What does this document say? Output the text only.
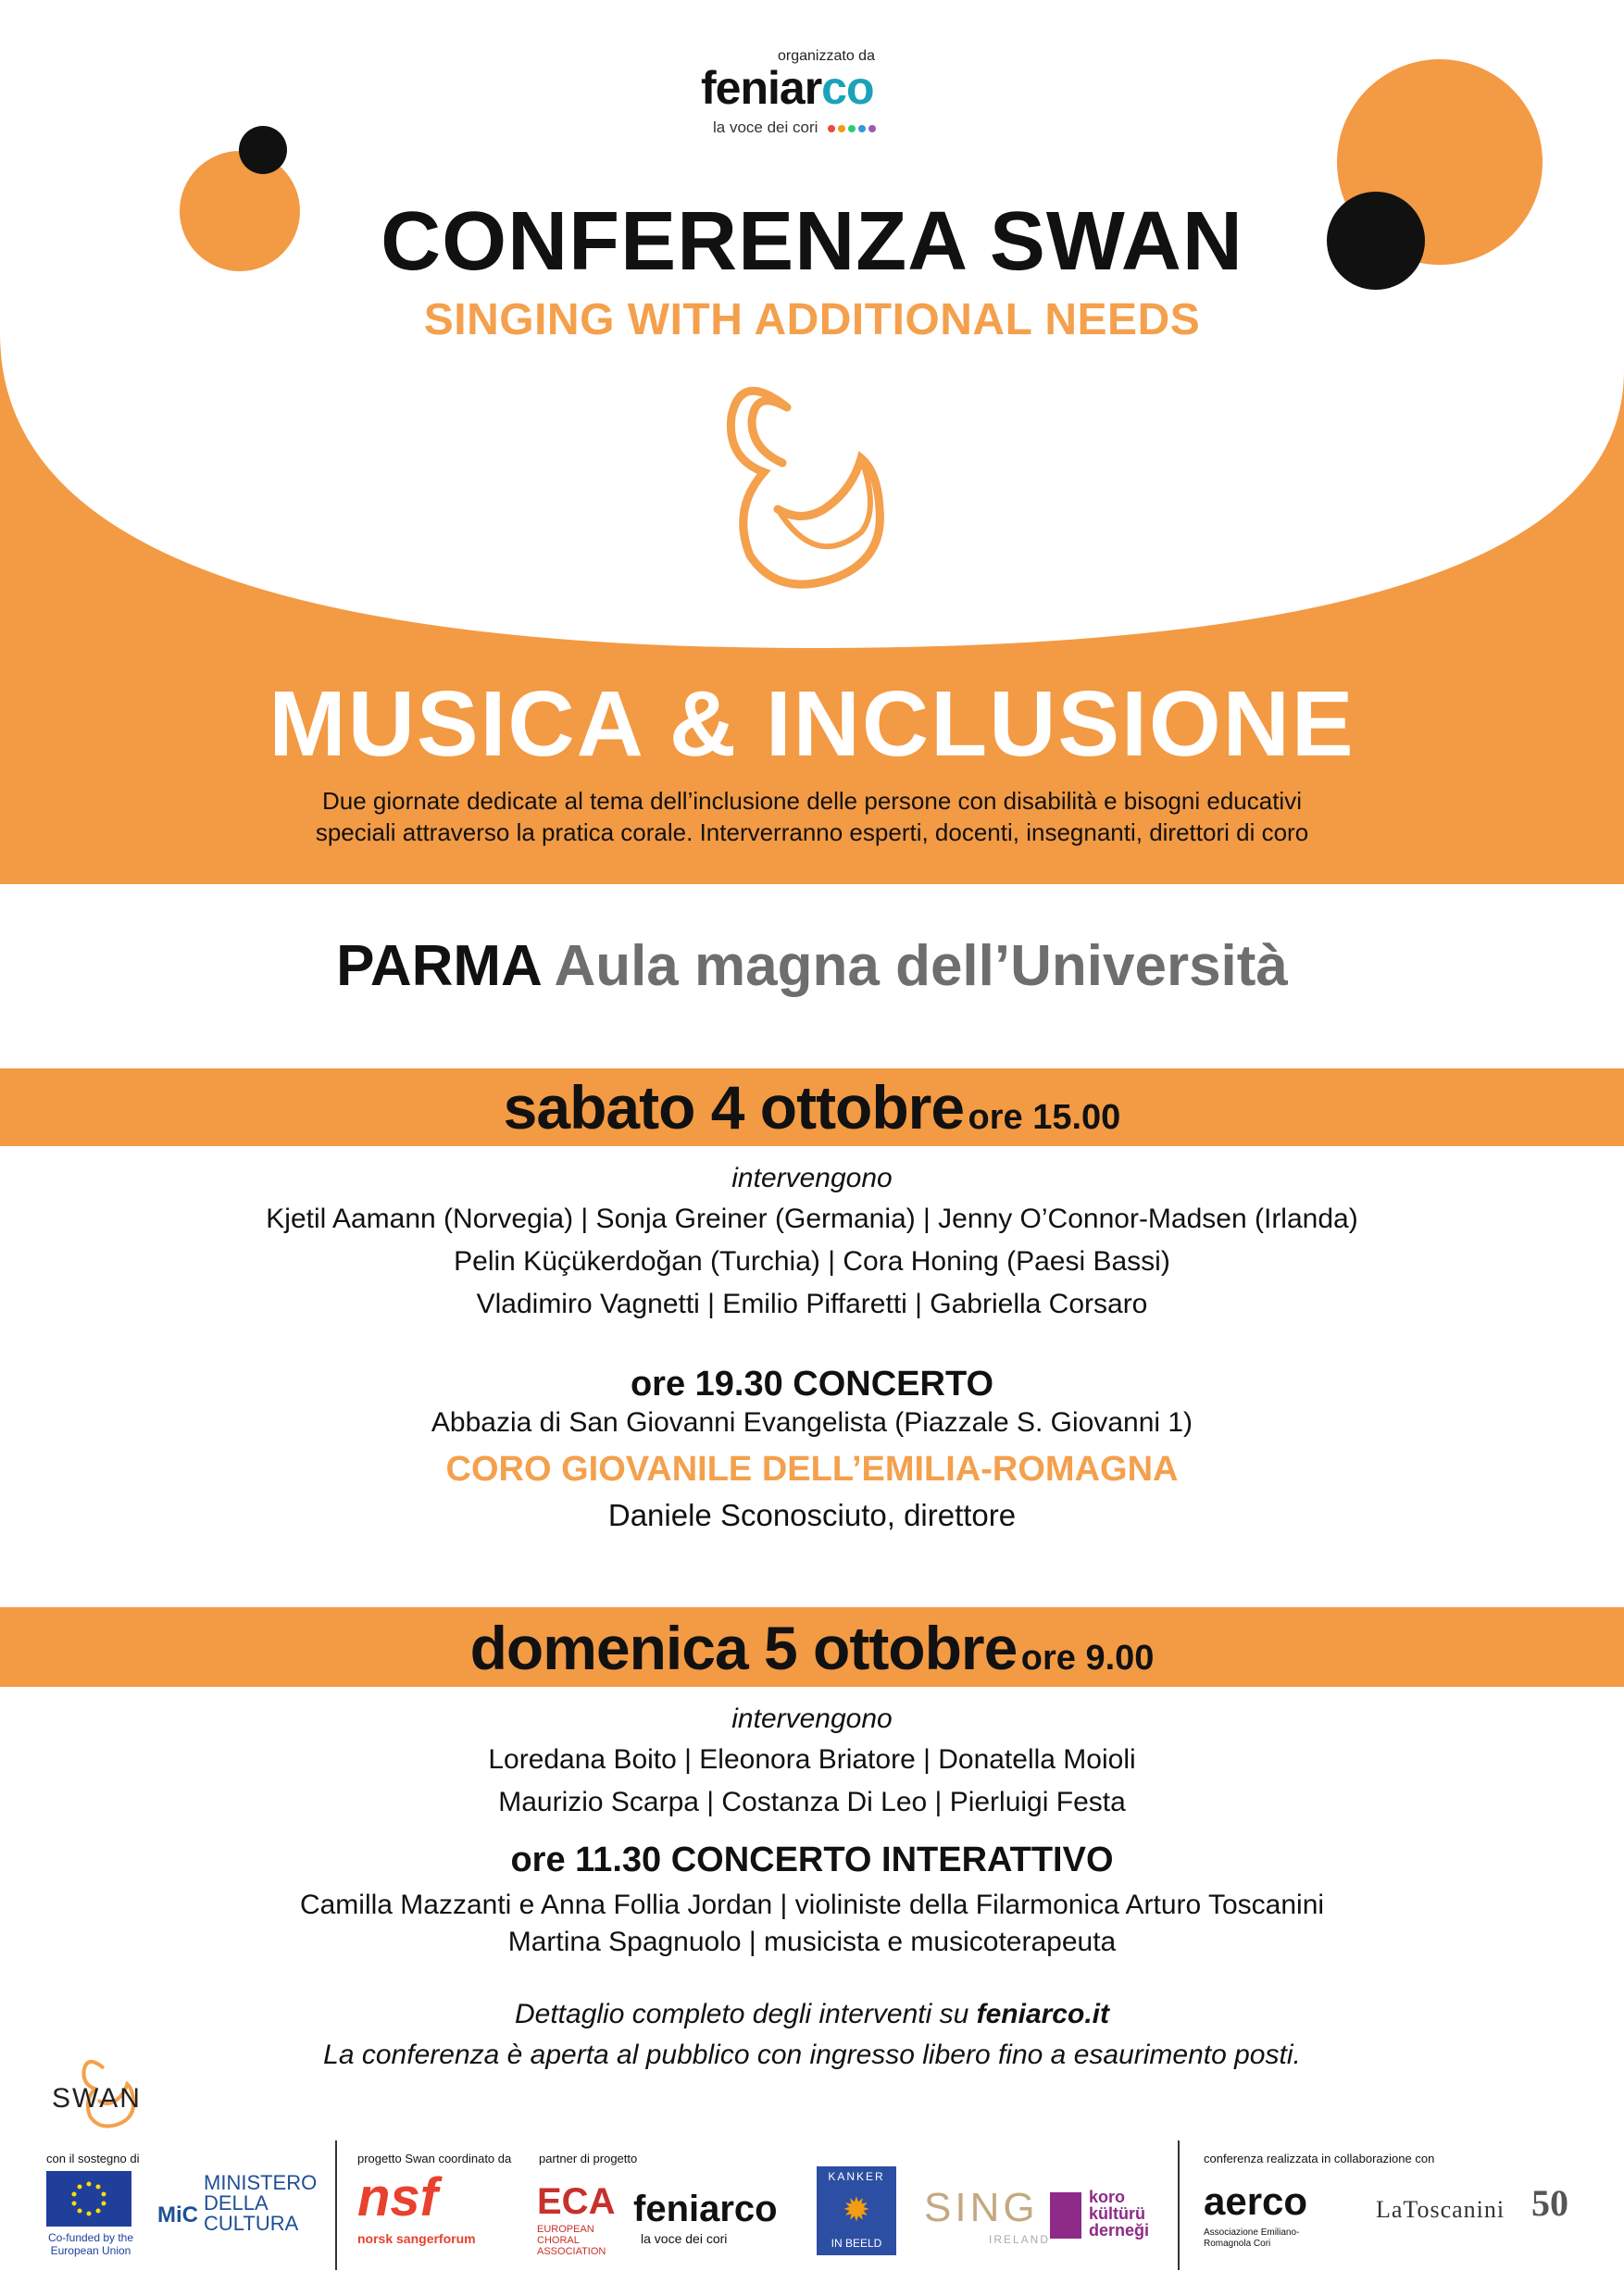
organizzato da
feniarco
la voce dei cori
CONFERENZA SWAN
SINGING WITH ADDITIONAL NEEDS
MUSICA & INCLUSIONE
Due giornate dedicate al tema dell’inclusione delle persone con disabilità e bisogni educativi
speciali attraverso la pratica corale. Interverranno esperti, docenti, insegnanti, direttori di coro
PARMA Aula magna dell’Università
sabato 4 ottobre ore 15.00
intervengono
Kjetil Aamann (Norvegia) | Sonja Greiner (Germania) | Jenny O’Connor-Madsen (Irlanda)
Pelin Küçükerdoğan (Turchia) | Cora Honing (Paesi Bassi)
Vladimiro Vagnetti | Emilio Piffaretti | Gabriella Corsaro
ore 19.30 CONCERTO
Abbazia di San Giovanni Evangelista (Piazzale S. Giovanni 1)
CORO GIOVANILE DELL’EMILIA-ROMAGNA
Daniele Sconosciuto, direttore
domenica 5 ottobre ore 9.00
intervengono
Loredana Boito | Eleonora Briatore | Donatella Moioli
Maurizio Scarpa | Costanza Di Leo | Pierluigi Festa
ore 11.30 CONCERTO INTERATTIVO
Camilla Mazzanti e Anna Follia Jordan | violiniste della Filarmonica Arturo Toscanini
Martina Spagnuolo | musicista e musicoterapeuta
Dettaglio completo degli interventi su feniarco.it
La conferenza è aperta al pubblico con ingresso libero fino a esaurimento posti.
SWAN
con il sostegno di
Co-funded by the European Union
MiC
MINISTERO
DELLA
CULTURA
progetto Swan coordinato da
nsf
norsk sangerforum
partner di progetto
ECA
EUROPEAN CHORAL ASSOCIATION
feniarco
la voce dei cori
KANKER
✹
IN BEELD
SING
IRELAND
koro
kültürü
derneği
conferenza realizzata in collaborazione con
aerco
Associazione Emiliano-Romagnola Cori
LaToscanini 50
